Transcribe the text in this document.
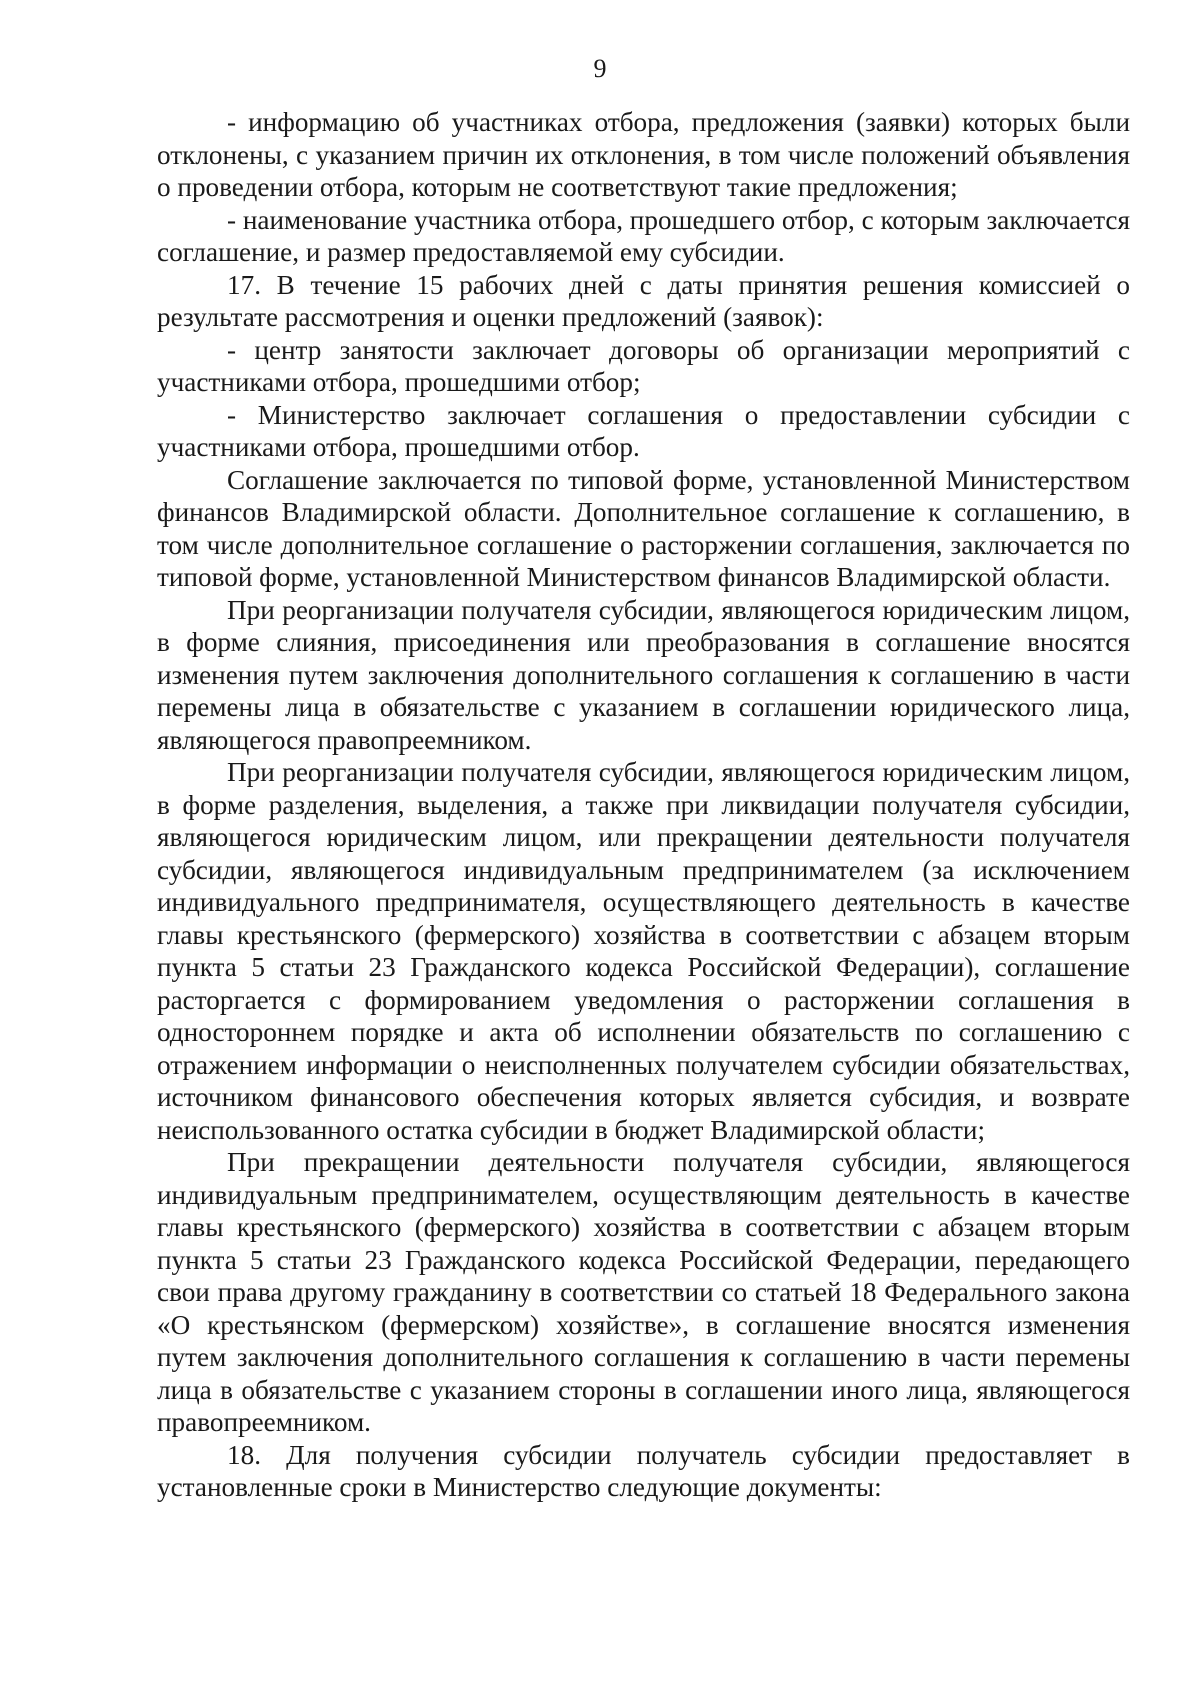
9

- информацию об участниках отбора, предложения (заявки) которых были отклонены, с указанием причин их отклонения, в том числе положений объявления о проведении отбора, которым не соответствуют такие предложения;

- наименование участника отбора, прошедшего отбор, с которым заключается соглашение, и размер предоставляемой ему субсидии.

17. В течение 15 рабочих дней с даты принятия решения комиссией о результате рассмотрения и оценки предложений (заявок):

- центр занятости заключает договоры об организации мероприятий с участниками отбора, прошедшими отбор;

- Министерство заключает соглашения о предоставлении субсидии с участниками отбора, прошедшими отбор.

Соглашение заключается по типовой форме, установленной Министерством финансов Владимирской области. Дополнительное соглашение к соглашению, в том числе дополнительное соглашение о расторжении соглашения, заключается по типовой форме, установленной Министерством финансов Владимирской области.

При реорганизации получателя субсидии, являющегося юридическим лицом, в форме слияния, присоединения или преобразования в соглашение вносятся изменения путем заключения дополнительного соглашения к соглашению в части перемены лица в обязательстве с указанием в соглашении юридического лица, являющегося правопреемником.

При реорганизации получателя субсидии, являющегося юридическим лицом, в форме разделения, выделения, а также при ликвидации получателя субсидии, являющегося юридическим лицом, или прекращении деятельности получателя субсидии, являющегося индивидуальным предпринимателем (за исключением индивидуального предпринимателя, осуществляющего деятельность в качестве главы крестьянского (фермерского) хозяйства в соответствии с абзацем вторым пункта 5 статьи 23 Гражданского кодекса Российской Федерации), соглашение расторгается с формированием уведомления о расторжении соглашения в одностороннем порядке и акта об исполнении обязательств по соглашению с отражением информации о неисполненных получателем субсидии обязательствах, источником финансового обеспечения которых является субсидия, и возврате неиспользованного остатка субсидии в бюджет Владимирской области;

При прекращении деятельности получателя субсидии, являющегося индивидуальным предпринимателем, осуществляющим деятельность в качестве главы крестьянского (фермерского) хозяйства в соответствии с абзацем вторым пункта 5 статьи 23 Гражданского кодекса Российской Федерации, передающего свои права другому гражданину в соответствии со статьей 18 Федерального закона «О крестьянском (фермерском) хозяйстве», в соглашение вносятся изменения путем заключения дополнительного соглашения к соглашению в части перемены лица в обязательстве с указанием стороны в соглашении иного лица, являющегося правопреемником.

18. Для получения субсидии получатель субсидии предоставляет в установленные сроки в Министерство следующие документы:
